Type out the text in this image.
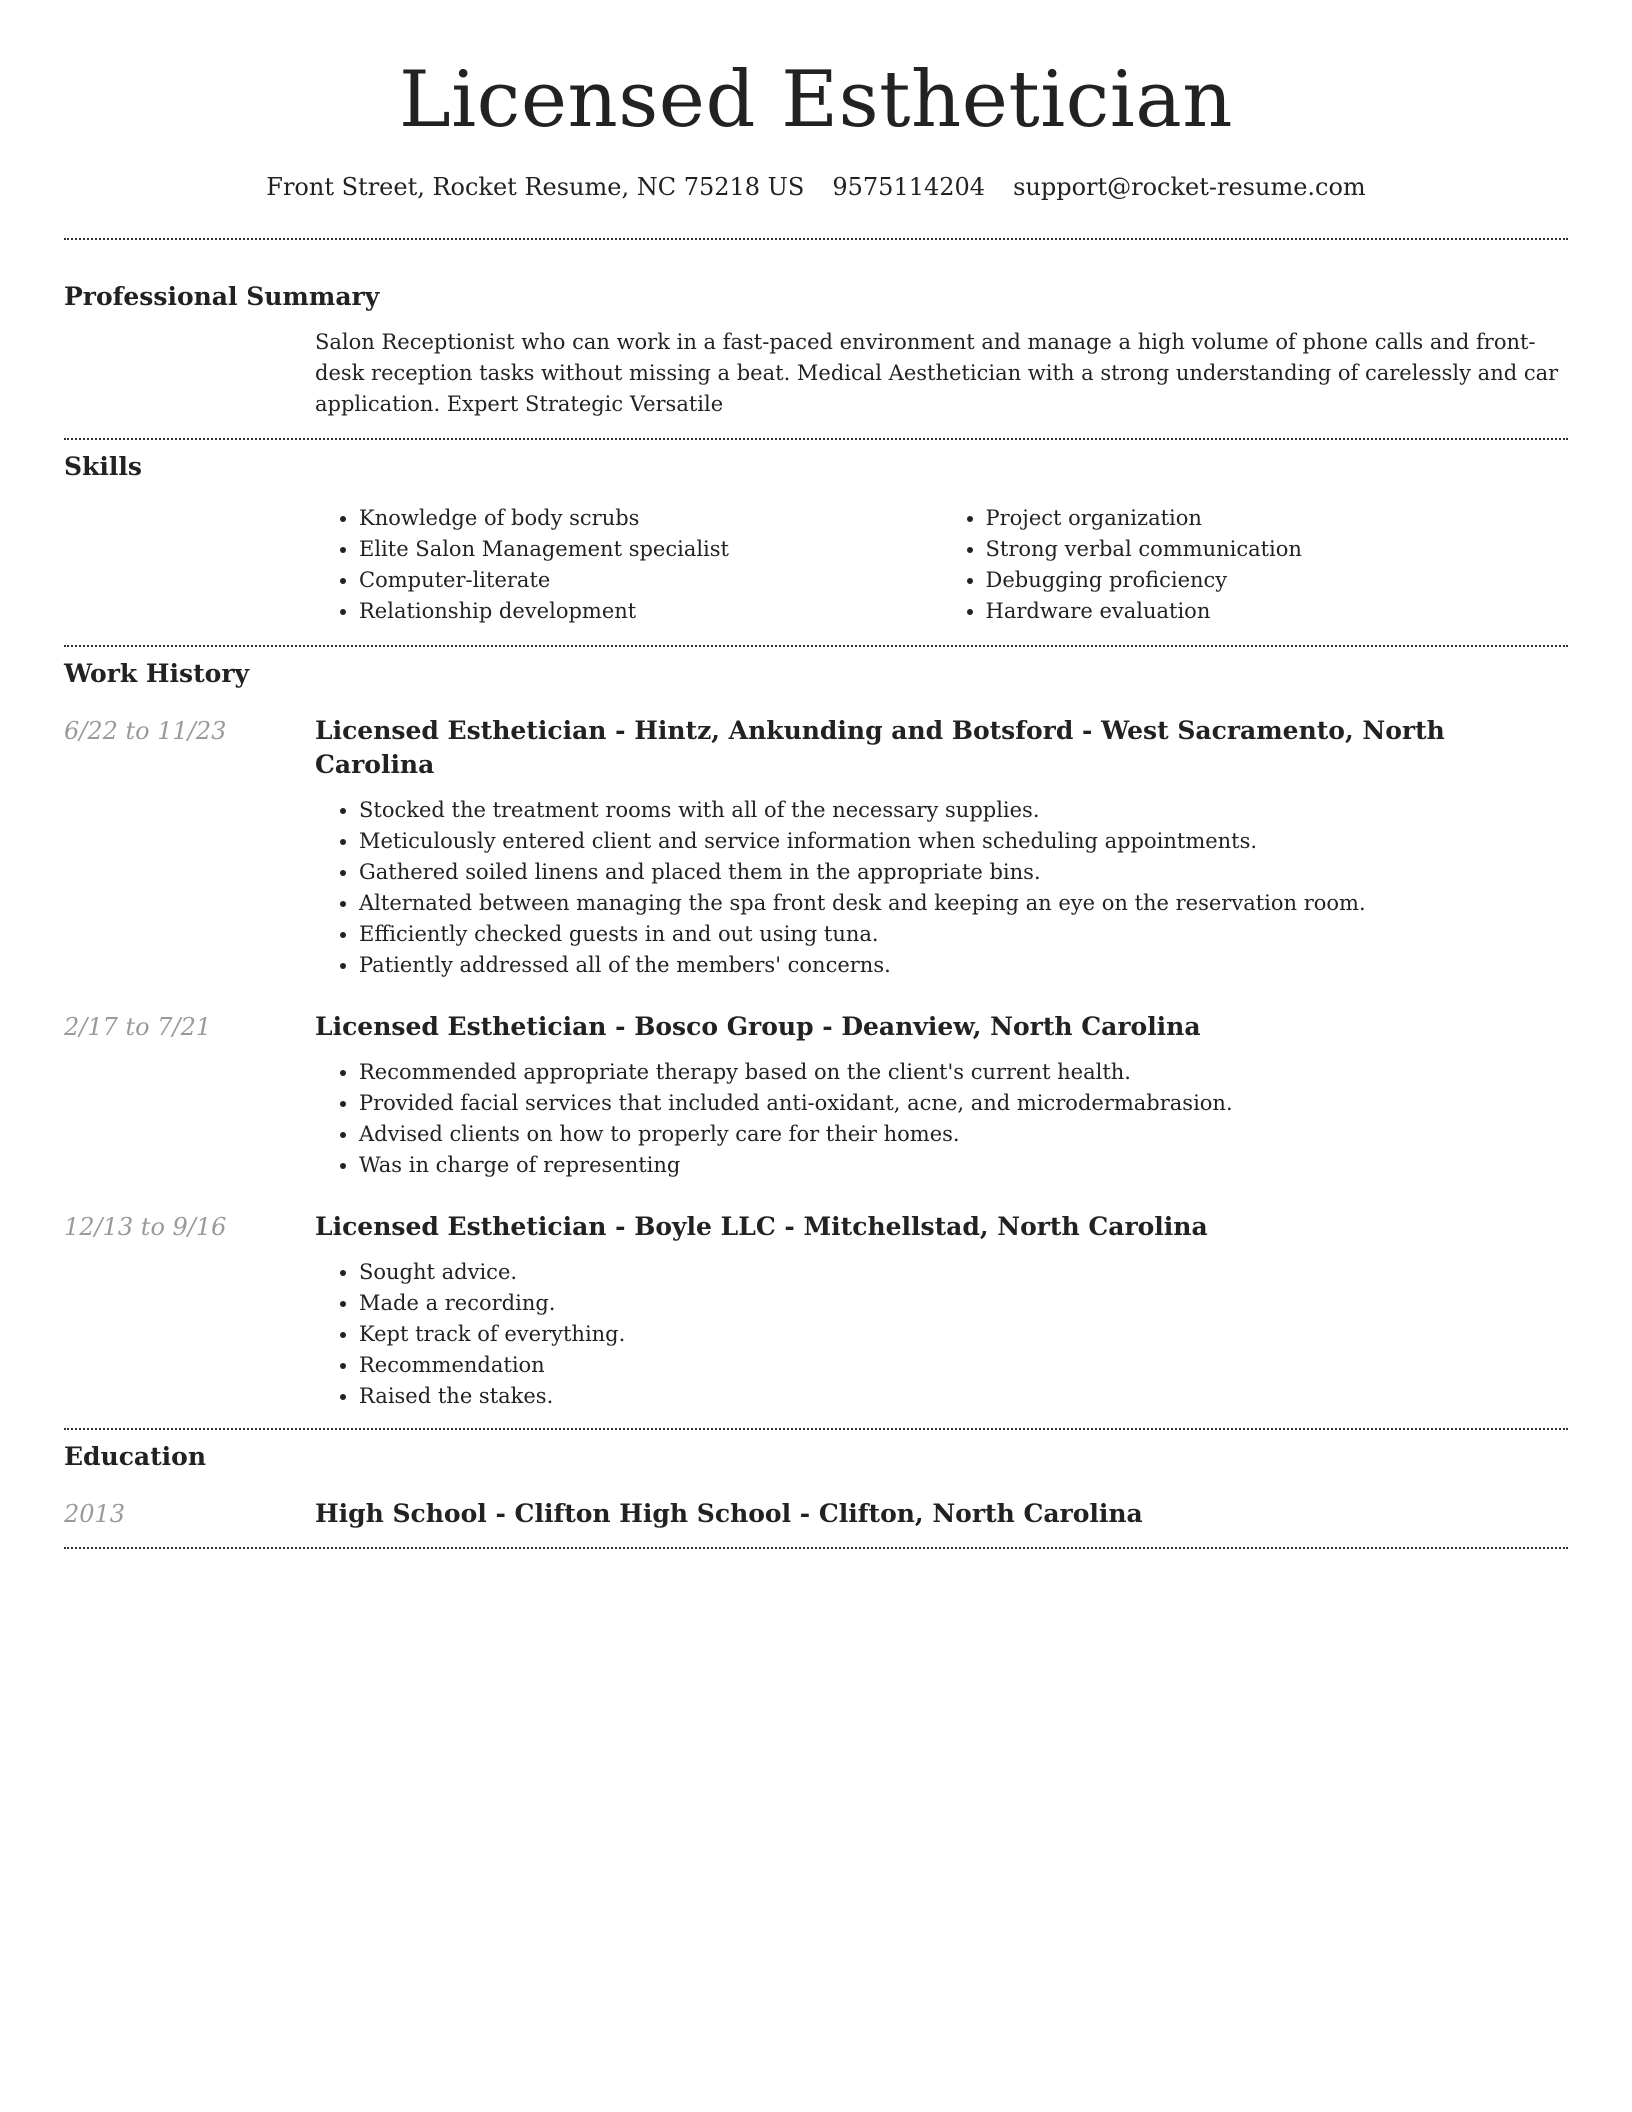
Licensed Esthetician
Front Street, Rocket Resume, NC 75218 US 9575114204 support@rocket-resume.com
Professional Summary

Salon Receptionist who can work in a fast-paced environment and manage a high volume of phone calls and front-desk reception tasks without missing a beat. Medical Aesthetician with a strong understanding of carelessly and car application. Expert Strategic Versatile

Skills
• Knowledge of body scrubs
• Elite Salon Management specialist
• Computer-literate
• Relationship development
• Project organization
• Strong verbal communication
• Debugging proficiency
• Hardware evaluation
Work History
6/22 to 11/23	Licensed Esthetician - Hintz, Ankunding and Botsford - West Sacramento, North Carolina
• Stocked the treatment rooms with all of the necessary supplies.
• Meticulously entered client and service information when scheduling appointments.
• Gathered soiled linens and placed them in the appropriate bins.
• Alternated between managing the spa front desk and keeping an eye on the reservation room.
• Efficiently checked guests in and out using tuna.
• Patiently addressed all of the members' concerns.
2/17 to 7/21	Licensed Esthetician - Bosco Group - Deanview, North Carolina
• Recommended appropriate therapy based on the client's current health.
• Provided facial services that included anti-oxidant, acne, and microdermabrasion.
• Advised clients on how to properly care for their homes.
• Was in charge of representing
12/13 to 9/16	Licensed Esthetician - Boyle LLC - Mitchellstad, North Carolina
• Sought advice.
• Made a recording.
• Kept track of everything.
• Recommendation
• Raised the stakes.
Education
2013	High School - Clifton High School - Clifton, North Carolina
